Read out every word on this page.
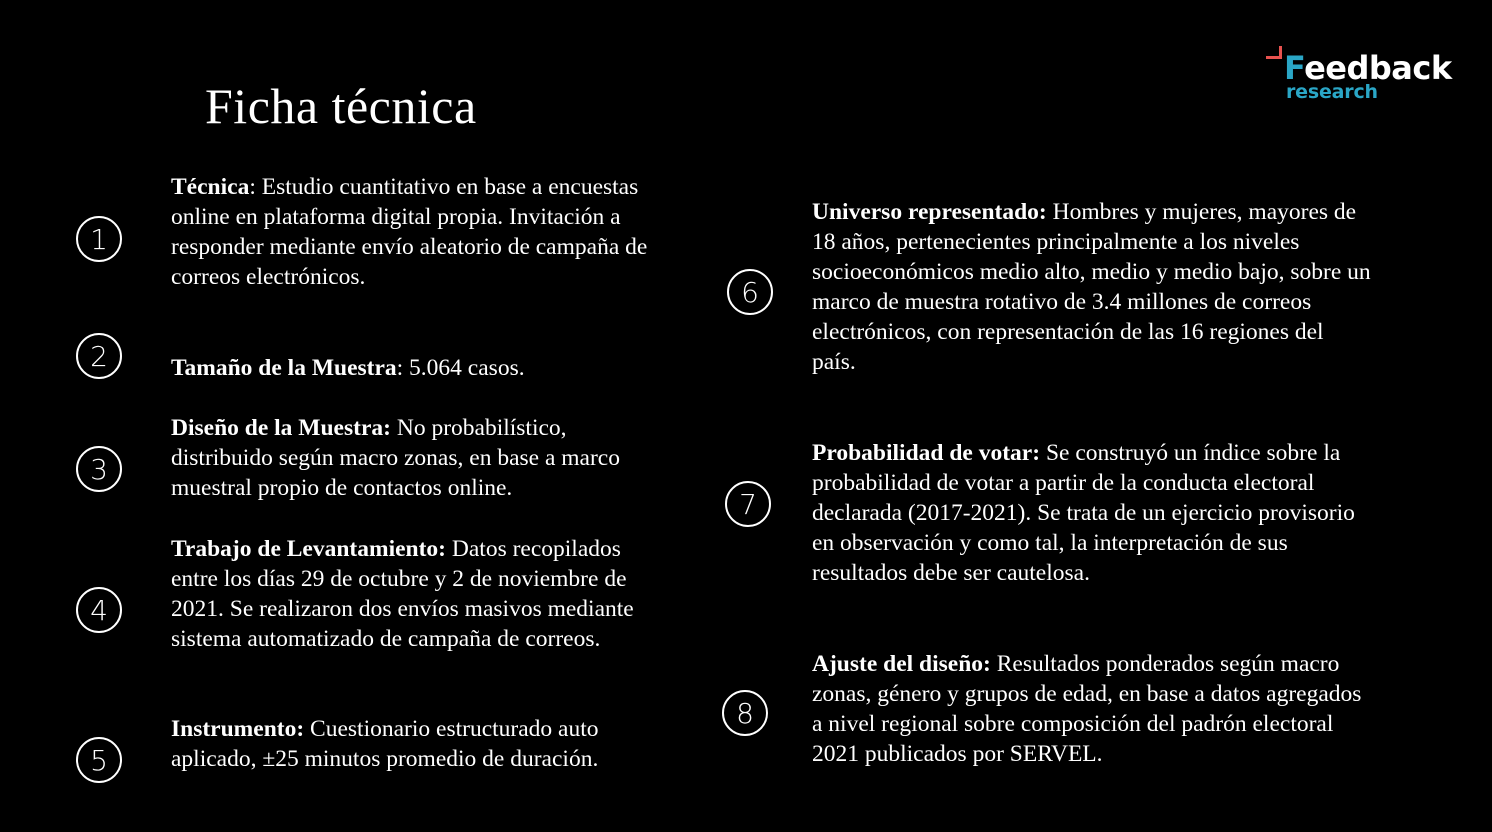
Ficha técnica
Feedback
research
1
2
3
4
5
6
7
8
Técnica: Estudio cuantitativo en base a encuestas online en plataforma digital propia. Invitación a responder mediante envío aleatorio de campaña de correos electrónicos.
Tamaño de la Muestra: 5.064 casos.
Diseño de la Muestra: No probabilístico, distribuido según macro zonas, en base a marco muestral propio de contactos online.
Trabajo de Levantamiento: Datos recopilados entre los días 29 de octubre y 2 de noviembre de 2021. Se realizaron dos envíos masivos mediante sistema automatizado de campaña de correos.
Instrumento: Cuestionario estructurado auto aplicado, ±25 minutos promedio de duración.
Universo representado: Hombres y mujeres, mayores de 18 años, pertenecientes principalmente a los niveles socioeconómicos medio alto, medio y medio bajo, sobre un marco de muestra rotativo de 3.4 millones de correos electrónicos, con representación de las 16 regiones del país.
Probabilidad de votar: Se construyó un índice sobre la probabilidad de votar a partir de la conducta electoral declarada (2017-2021). Se trata de un ejercicio provisorio en observación y como tal, la interpretación de sus resultados debe ser cautelosa.
Ajuste del diseño: Resultados ponderados según macro zonas, género y grupos de edad, en base a datos agregados a nivel regional sobre composición del padrón electoral 2021 publicados por SERVEL.
